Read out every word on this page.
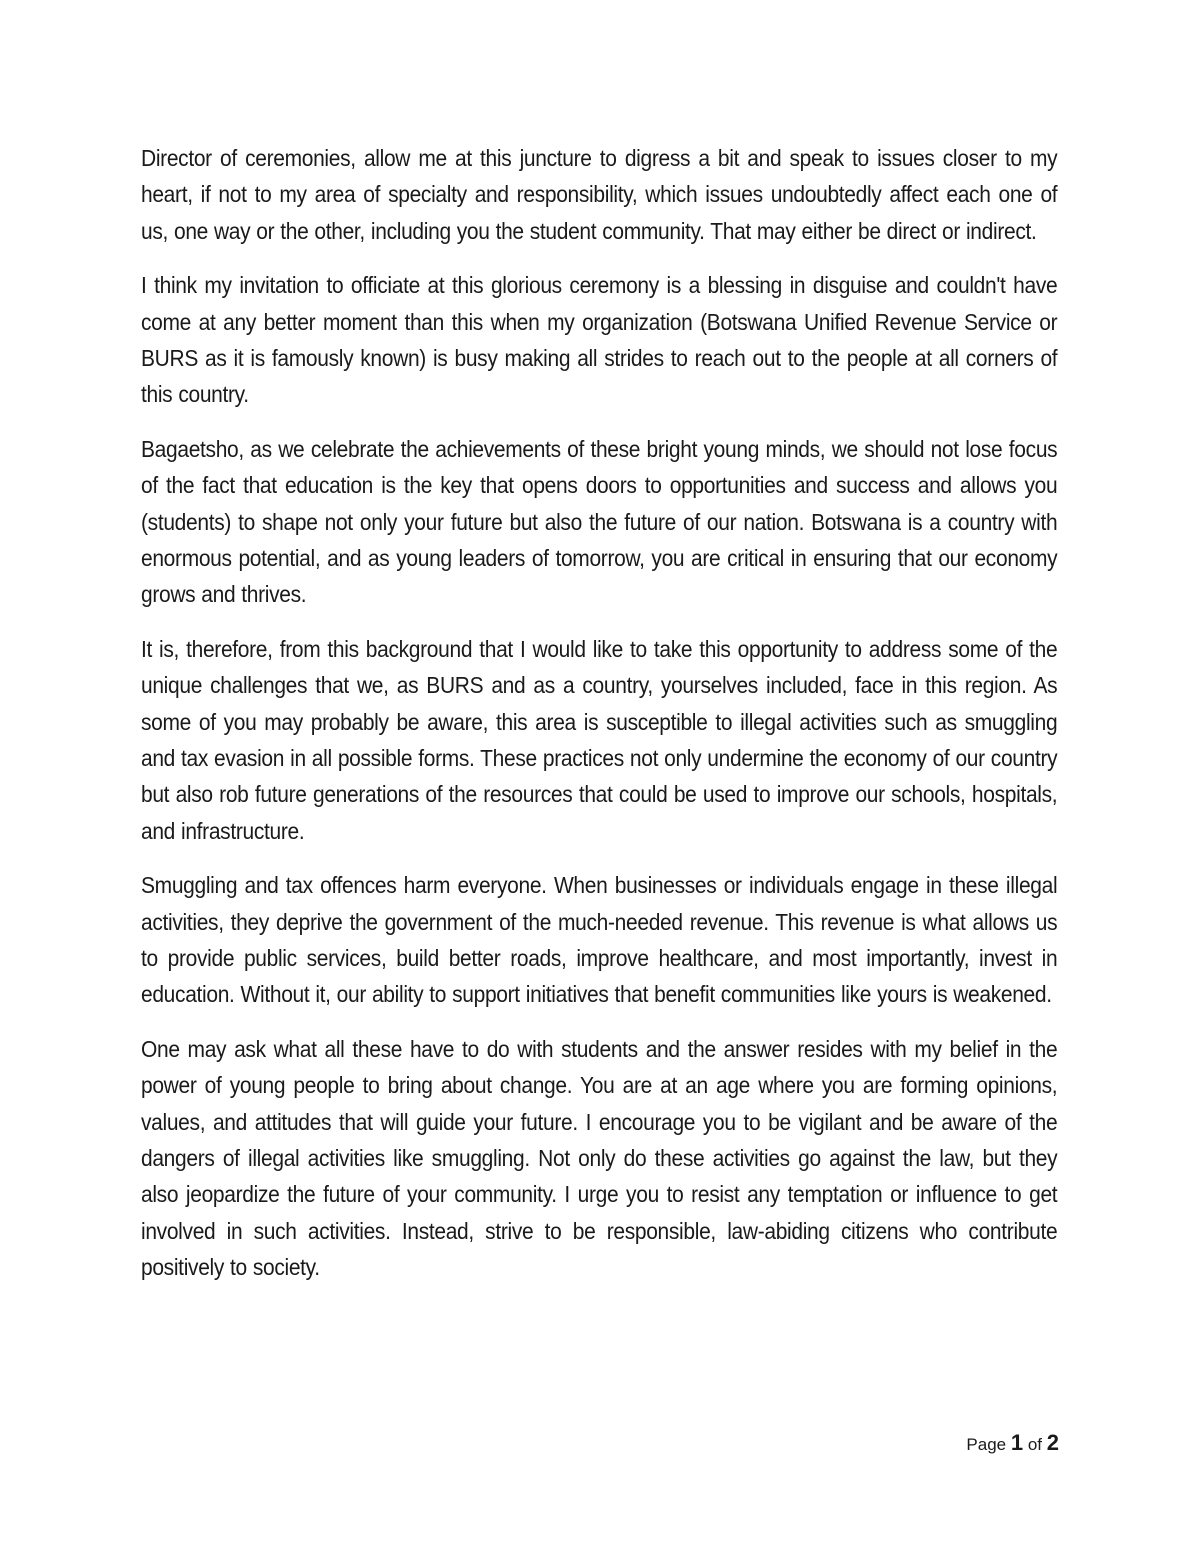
Director of ceremonies, allow me at this juncture to digress a bit and speak to issues closer to my heart, if not to my area of specialty and responsibility, which issues undoubtedly affect each one of us, one way or the other, including you the student community. That may either be direct or indirect.

I think my invitation to officiate at this glorious ceremony is a blessing in disguise and couldn't have come at any better moment than this when my organization (Botswana Unified Revenue Service or BURS as it is famously known) is busy making all strides to reach out to the people at all corners of this country.

Bagaetsho, as we celebrate the achievements of these bright young minds, we should not lose focus of the fact that education is the key that opens doors to opportunities and success and allows you (students) to shape not only your future but also the future of our nation. Botswana is a country with enormous potential, and as young leaders of tomorrow, you are critical in ensuring that our economy grows and thrives.

It is, therefore, from this background that I would like to take this opportunity to address some of the unique challenges that we, as BURS and as a country, yourselves included, face in this region. As some of you may probably be aware, this area is susceptible to illegal activities such as smuggling and tax evasion in all possible forms. These practices not only undermine the economy of our country but also rob future generations of the resources that could be used to improve our schools, hospitals, and infrastructure.

Smuggling and tax offences harm everyone. When businesses or individuals engage in these illegal activities, they deprive the government of the much-needed revenue. This revenue is what allows us to provide public services, build better roads, improve healthcare, and most importantly, invest in education. Without it, our ability to support initiatives that benefit communities like yours is weakened.

One may ask what all these have to do with students and the answer resides with my belief in the power of young people to bring about change. You are at an age where you are forming opinions, values, and attitudes that will guide your future. I encourage you to be vigilant and be aware of the dangers of illegal activities like smuggling. Not only do these activities go against the law, but they also jeopardize the future of your community. I urge you to resist any temptation or influence to get involved in such activities. Instead, strive to be responsible, law-abiding citizens who contribute positively to society.

Page 1 of 2
